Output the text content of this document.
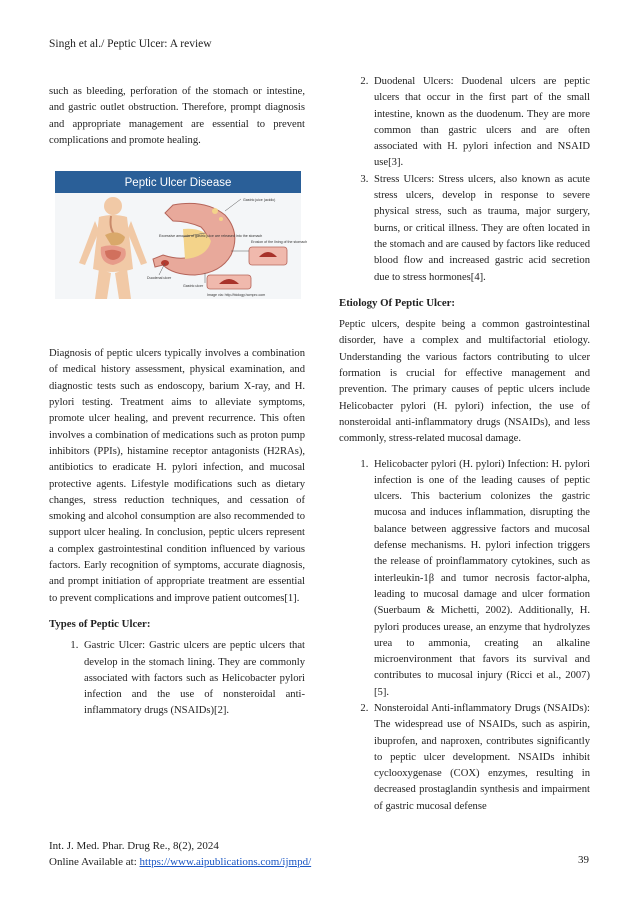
Singh et al./ Peptic Ulcer: A review

such as bleeding, perforation of the stomach or intestine, and gastric outlet obstruction. Therefore, prompt diagnosis and appropriate management are essential to prevent complications and promote healing.

Peptic Ulcer Disease
Gastric juice (acidic)
Excessive amounts of gastric juice are released into the stomach
Erosion of the lining of the stomach
Duodenal ulcer
Gastric ulcer
Image via: http://biology.hcmprc.com

Diagnosis of peptic ulcers typically involves a combination of medical history assessment, physical examination, and diagnostic tests such as endoscopy, barium X-ray, and H. pylori testing. Treatment aims to alleviate symptoms, promote ulcer healing, and prevent recurrence. This often involves a combination of medications such as proton pump inhibitors (PPIs), histamine receptor antagonists (H2RAs), antibiotics to eradicate H. pylori infection, and mucosal protective agents. Lifestyle modifications such as dietary changes, stress reduction techniques, and cessation of smoking and alcohol consumption are also recommended to support ulcer healing. In conclusion, peptic ulcers represent a complex gastrointestinal condition influenced by various factors. Early recognition of symptoms, accurate diagnosis, and prompt initiation of appropriate treatment are essential to prevent complications and improve patient outcomes[1].

Types of Peptic Ulcer:
1. Gastric Ulcer: Gastric ulcers are peptic ulcers that develop in the stomach lining. They are commonly associated with factors such as Helicobacter pylori infection and the use of nonsteroidal anti-inflammatory drugs (NSAIDs)[2].
2. Duodenal Ulcers: Duodenal ulcers are peptic ulcers that occur in the first part of the small intestine, known as the duodenum. They are more common than gastric ulcers and are often associated with H. pylori infection and NSAID use[3].
3. Stress Ulcers: Stress ulcers, also known as acute stress ulcers, develop in response to severe physical stress, such as trauma, major surgery, burns, or critical illness. They are often located in the stomach and are caused by factors like reduced blood flow and increased gastric acid secretion due to stress hormones[4].
Etiology Of Peptic Ulcer:

Peptic ulcers, despite being a common gastrointestinal disorder, have a complex and multifactorial etiology. Understanding the various factors contributing to ulcer formation is crucial for effective management and prevention. The primary causes of peptic ulcers include Helicobacter pylori (H. pylori) infection, the use of nonsteroidal anti-inflammatory drugs (NSAIDs), and less commonly, stress-related mucosal damage.

1. Helicobacter pylori (H. pylori) Infection: H. pylori infection is one of the leading causes of peptic ulcers. This bacterium colonizes the gastric mucosa and induces inflammation, disrupting the balance between aggressive factors and mucosal defense mechanisms. H. pylori infection triggers the release of proinflammatory cytokines, such as interleukin-1β and tumor necrosis factor-alpha, leading to mucosal damage and ulcer formation (Suerbaum & Michetti, 2002). Additionally, H. pylori produces urease, an enzyme that hydrolyzes urea to ammonia, creating an alkaline microenvironment that favors its survival and contributes to mucosal injury (Ricci et al., 2007)[5].
2. Nonsteroidal Anti-inflammatory Drugs (NSAIDs): The widespread use of NSAIDs, such as aspirin, ibuprofen, and naproxen, contributes significantly to peptic ulcer development. NSAIDs inhibit cyclooxygenase (COX) enzymes, resulting in decreased prostaglandin synthesis and impairment of gastric mucosal defense
Int. J. Med. Phar. Drug Re., 8(2), 2024
Online Available at: https://www.aipublications.com/ijmpd/	39
